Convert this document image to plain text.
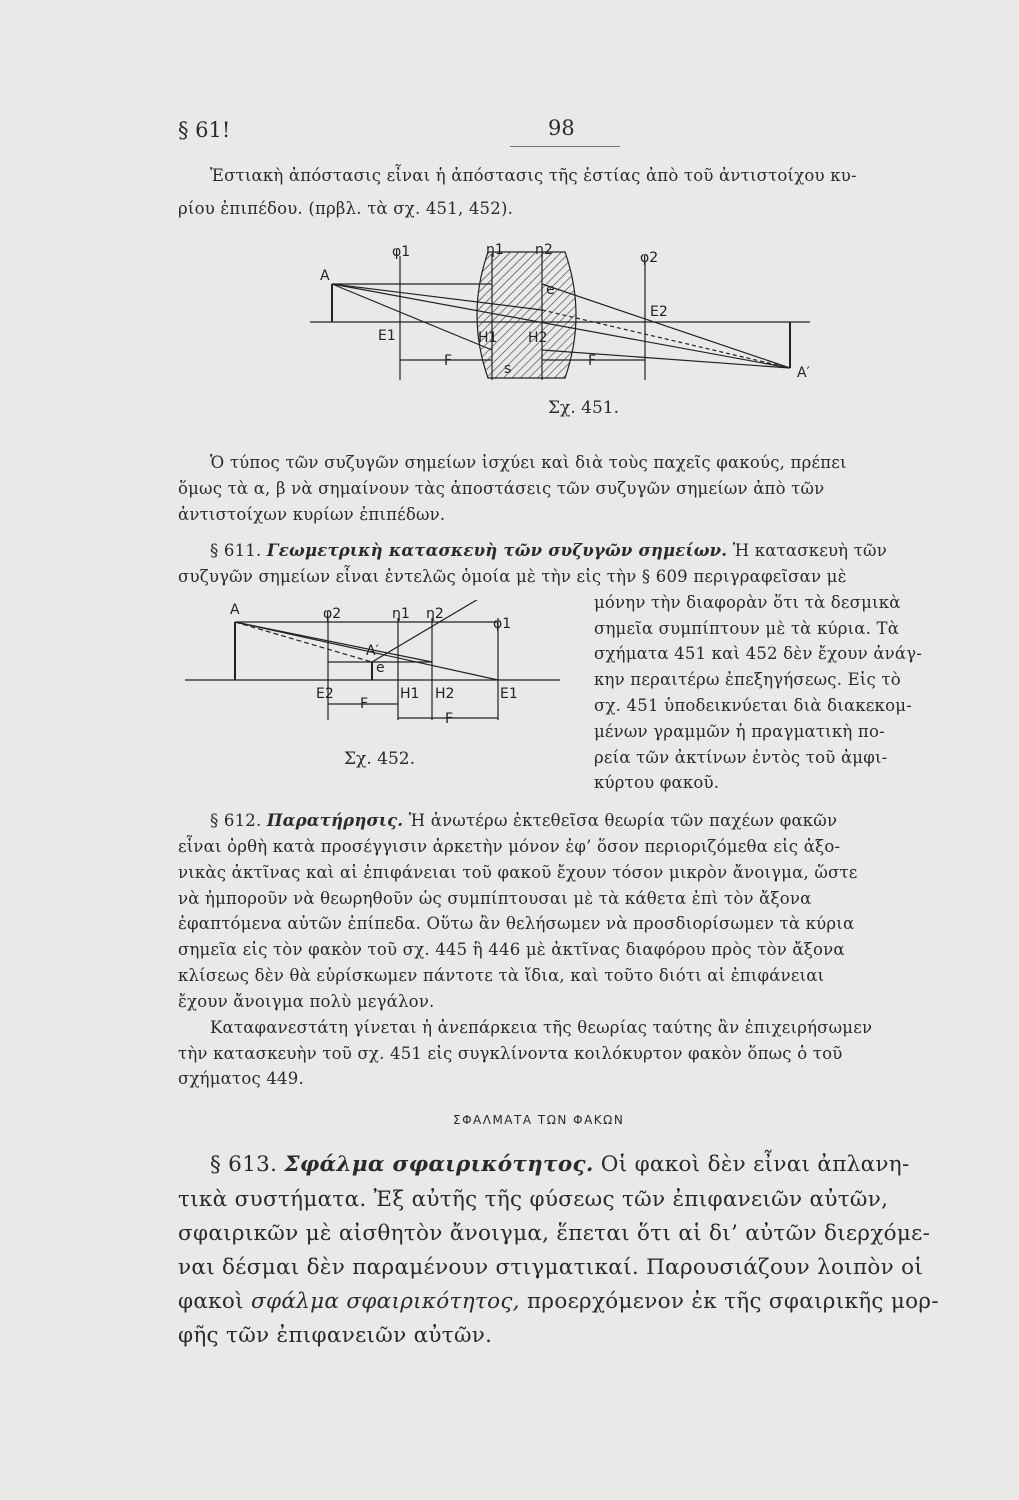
§ 61!	98
Ἑστιακὴ ἀπόστασις εἶναι ἡ ἀπόστασις τῆς ἑστίας ἀπὸ τοῦ ἀντιστοίχου κυ-
ρίου ἐπιπέδου. (πρβλ. τὰ σχ. 451, 452).
A
A′
φ1	η1 η2	φ2
E1
E2
H1 H2
F	F
s
e
Σχ. 451.
Ὁ τύπος τῶν συζυγῶν σημείων ἰσχύει καὶ διὰ τοὺς παχεῖς φακούς, πρέπει
ὅμως τὰ α, β νὰ σημαίνουν τὰς ἀποστάσεις τῶν συζυγῶν σημείων ἀπὸ τῶν
ἀντιστοίχων κυρίων ἐπιπέδων.
§ 611. Γεωμετρικὴ κατασκευὴ τῶν συζυγῶν σημείων. Ἡ κατασκευὴ τῶν
συζυγῶν σημείων εἶναι ἐντελῶς ὁμοία μὲ τὴν εἰς τὴν § 609 περιγραφεῖσαν μὲ
A	φ2	η1 η2
φ1
A′
e
E2	H1 H2	E1
F
F
Σχ. 452.
μόνην τὴν διαφορὰν ὅτι τὰ δεσμικὰ
σημεῖα συμπίπτουν μὲ τὰ κύρια. Τὰ
σχήματα 451 καὶ 452 δὲν ἔχουν ἀνάγ-
κην περαιτέρω ἐπεξηγήσεως. Εἰς τὸ
σχ. 451 ὑποδεικνύεται διὰ διακεκομ-
μένων γραμμῶν ἡ πραγματικὴ πο-
ρεία τῶν ἀκτίνων ἐντὸς τοῦ ἀμφι-
κύρτου φακοῦ.
§ 612. Παρατήρησις. Ἡ ἀνωτέρω ἐκτεθεῖσα θεωρία τῶν παχέων φακῶν
εἶναι ὀρθὴ κατὰ προσέγγισιν ἀρκετὴν μόνον ἐφ’ ὅσον περιοριζόμεθα εἰς ἀξο-
νικὰς ἀκτῖνας καὶ αἱ ἐπιφάνειαι τοῦ φακοῦ ἔχουν τόσον μικρὸν ἄνοιγμα, ὥστε
νὰ ἠμποροῦν νὰ θεωρηθοῦν ὡς συμπίπτουσαι μὲ τὰ κάθετα ἐπὶ τὸν ἄξονα
ἐφαπτόμενα αὐτῶν ἐπίπεδα. Οὕτω ἂν θελήσωμεν νὰ προσδιορίσωμεν τὰ κύρια
σημεῖα εἰς τὸν φακὸν τοῦ σχ. 445 ἢ 446 μὲ ἀκτῖνας διαφόρου πρὸς τὸν ἄξονα
κλίσεως δὲν θὰ εὑρίσκωμεν πάντοτε τὰ ἴδια, καὶ τοῦτο διότι αἱ ἐπιφάνειαι
ἔχουν ἄνοιγμα πολὺ μεγάλον.
Καταφανεστάτη γίνεται ἡ ἀνεπάρκεια τῆς θεωρίας ταύτης ἂν ἐπιχειρήσωμεν
τὴν κατασκευὴν τοῦ σχ. 451 εἰς συγκλίνοντα κοιλόκυρτον φακὸν ὅπως ὁ τοῦ
σχήματος 449.
ΣΦΑΛΜΑΤΑ ΤΩΝ ΦΑΚΩΝ
§ 613. Σφάλμα σφαιρικότητος. Οἱ φακοὶ δὲν εἶναι ἀπλανη-
τικὰ συστήματα. Ἐξ αὐτῆς τῆς φύσεως τῶν ἐπιφανειῶν αὐτῶν,
σφαιρικῶν μὲ αἰσθητὸν ἄνοιγμα, ἕπεται ὅτι αἱ δι’ αὐτῶν διερχόμε-
ναι δέσμαι δὲν παραμένουν στιγματικαί. Παρουσιάζουν λοιπὸν οἱ
φακοὶ σφάλμα σφαιρικότητος, προερχόμενον ἐκ τῆς σφαιρικῆς μορ-
φῆς τῶν ἐπιφανειῶν αὐτῶν.
